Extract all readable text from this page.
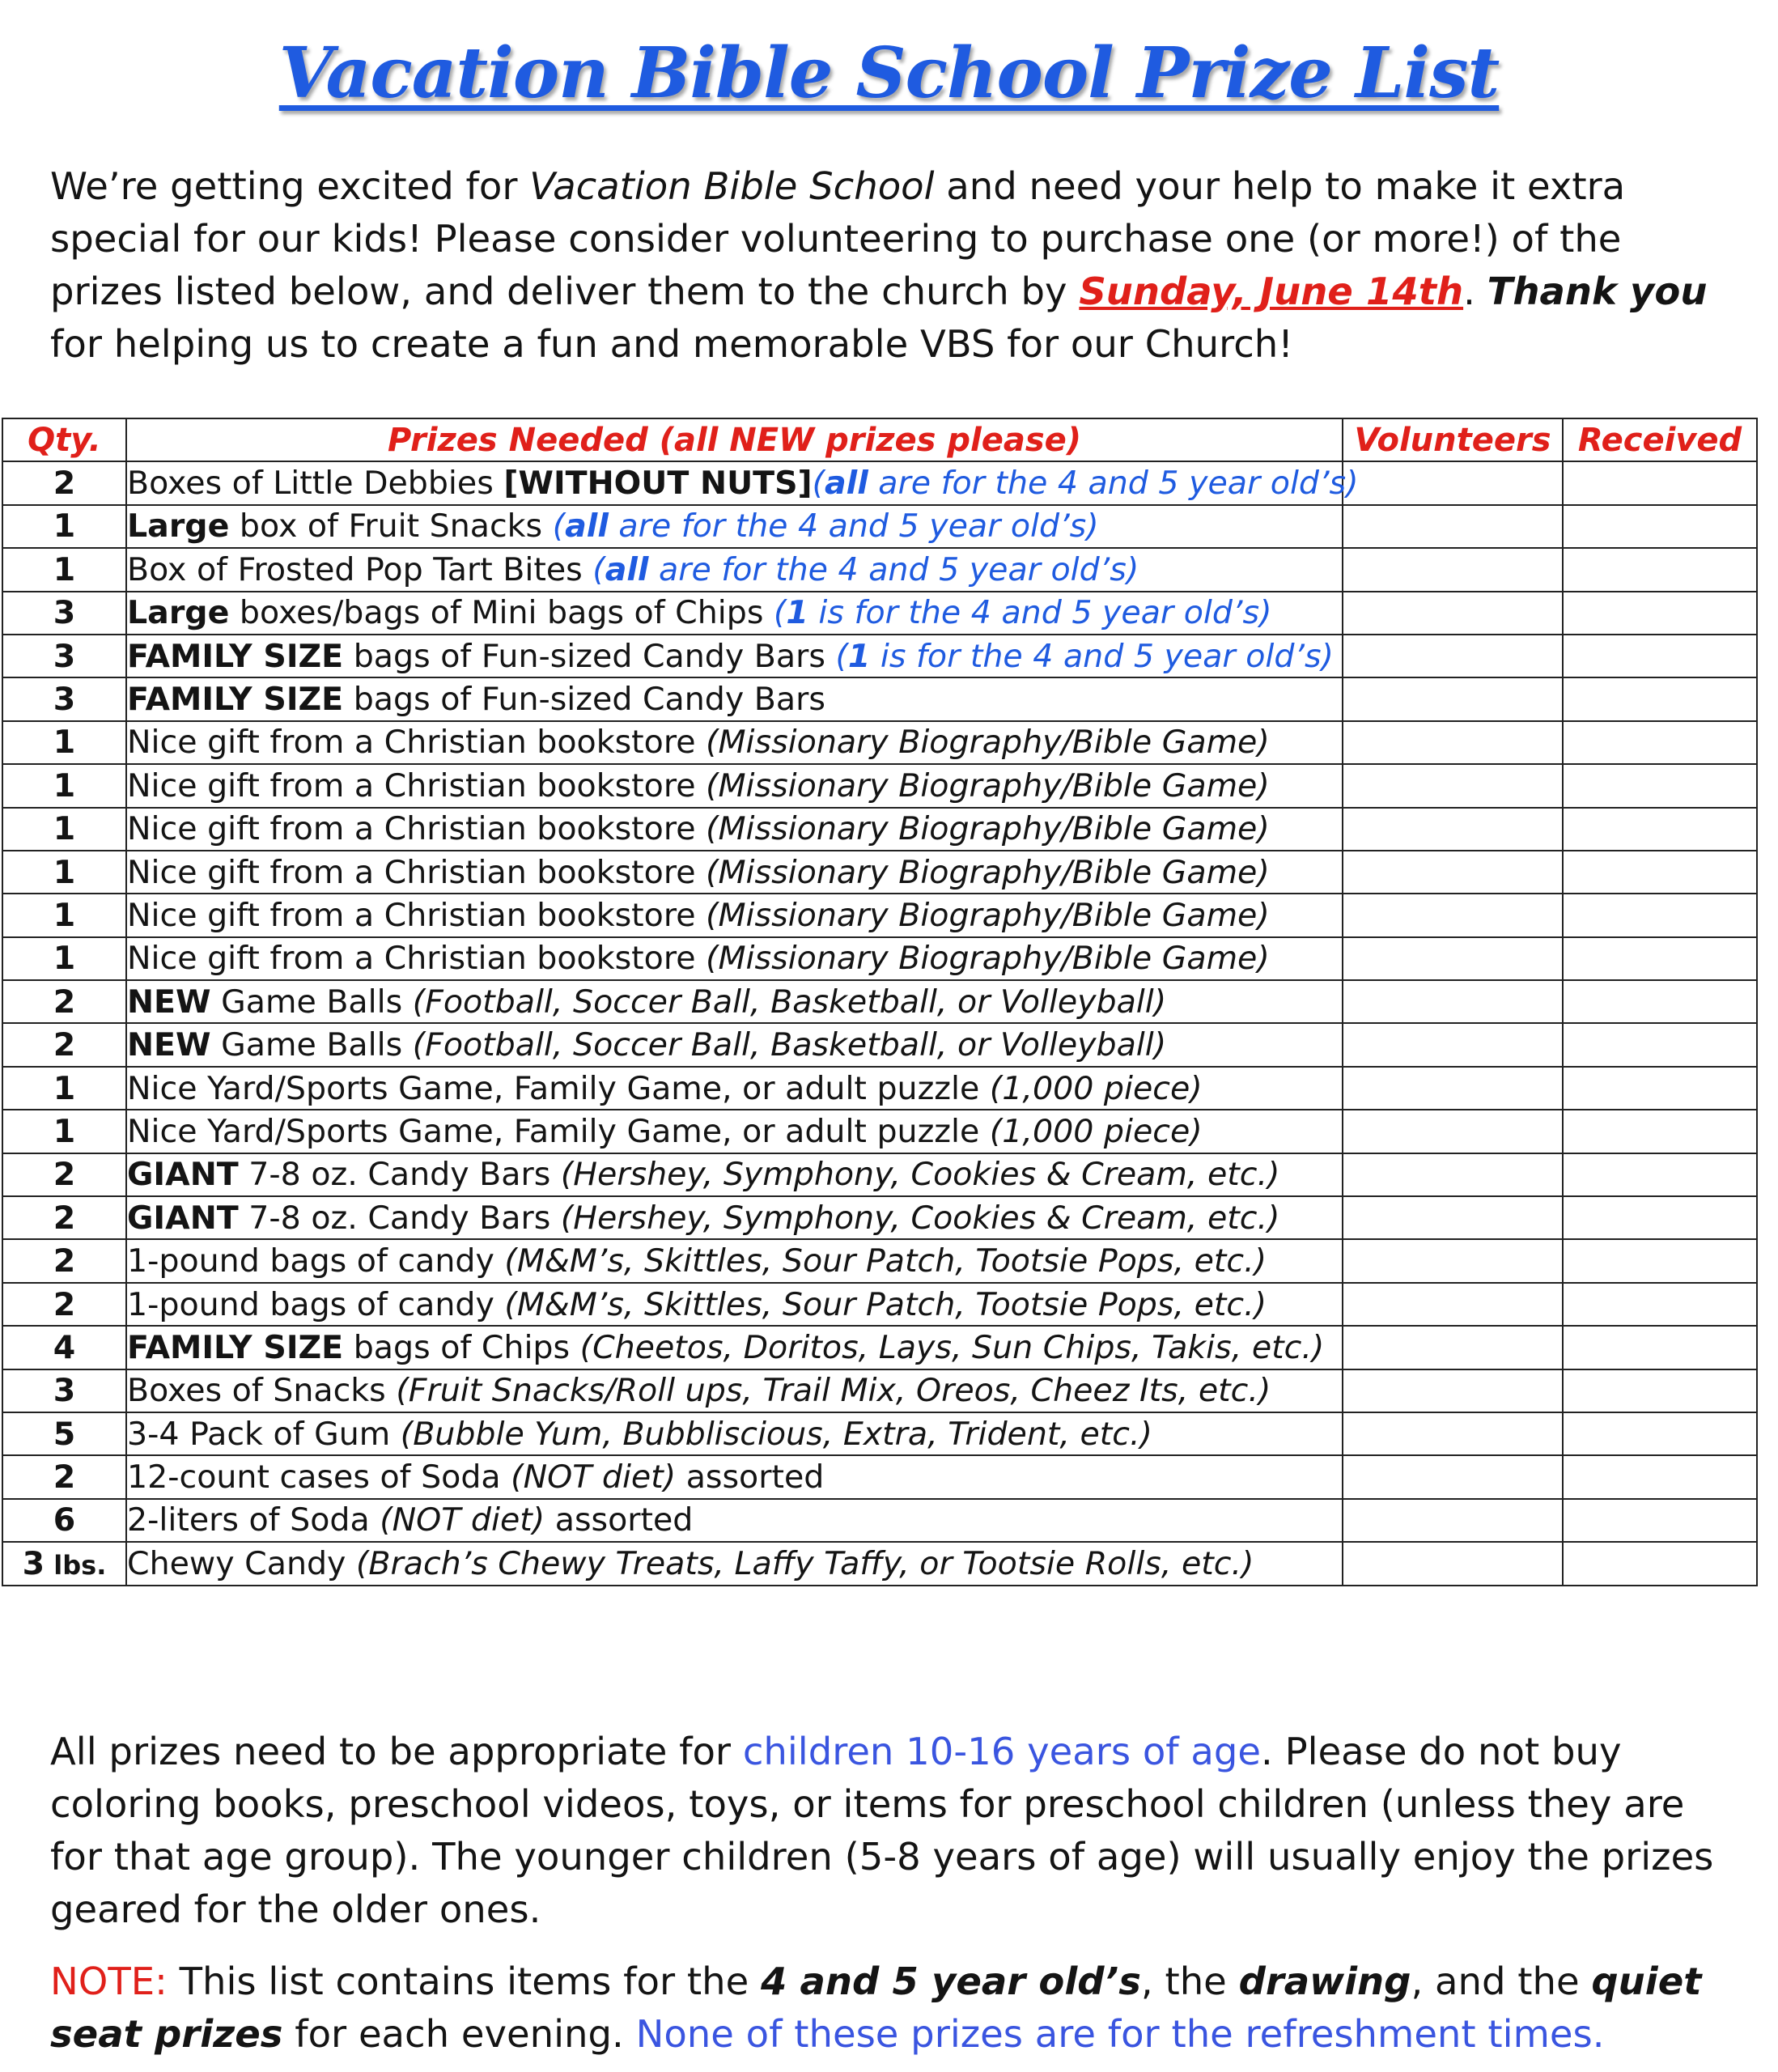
Vacation Bible School Prize List
We’re getting excited for Vacation Bible School and need your help to make it extra special for our kids! Please consider volunteering to purchase one (or more!) of the prizes listed below, and deliver them to the church by Sunday, June 14th. Thank you for helping us to create a fun and memorable VBS for our Church!
Qty.	Prizes Needed (all NEW prizes please)	Volunteers	Received
2	Boxes of Little Debbies [WITHOUT NUTS](all are for the 4 and 5 year old’s)		
1	Large box of Fruit Snacks (all are for the 4 and 5 year old’s)		
1	Box of Frosted Pop Tart Bites (all are for the 4 and 5 year old’s)		
3	Large boxes/bags of Mini bags of Chips (1 is for the 4 and 5 year old’s)		
3	FAMILY SIZE bags of Fun-sized Candy Bars (1 is for the 4 and 5 year old’s)		
3	FAMILY SIZE bags of Fun-sized Candy Bars		
1	Nice gift from a Christian bookstore (Missionary Biography/Bible Game)		
1	Nice gift from a Christian bookstore (Missionary Biography/Bible Game)		
1	Nice gift from a Christian bookstore (Missionary Biography/Bible Game)		
1	Nice gift from a Christian bookstore (Missionary Biography/Bible Game)		
1	Nice gift from a Christian bookstore (Missionary Biography/Bible Game)		
1	Nice gift from a Christian bookstore (Missionary Biography/Bible Game)		
2	NEW Game Balls (Football, Soccer Ball, Basketball, or Volleyball)		
2	NEW Game Balls (Football, Soccer Ball, Basketball, or Volleyball)		
1	Nice Yard/Sports Game, Family Game, or adult puzzle (1,000 piece)		
1	Nice Yard/Sports Game, Family Game, or adult puzzle (1,000 piece)		
2	GIANT 7-8 oz. Candy Bars (Hershey, Symphony, Cookies & Cream, etc.)		
2	GIANT 7-8 oz. Candy Bars (Hershey, Symphony, Cookies & Cream, etc.)		
2	1-pound bags of candy (M&M’s, Skittles, Sour Patch, Tootsie Pops, etc.)		
2	1-pound bags of candy (M&M’s, Skittles, Sour Patch, Tootsie Pops, etc.)		
4	FAMILY SIZE bags of Chips (Cheetos, Doritos, Lays, Sun Chips, Takis, etc.)		
3	Boxes of Snacks (Fruit Snacks/Roll ups, Trail Mix, Oreos, Cheez Its, etc.)		
5	3-4 Pack of Gum (Bubble Yum, Bubbliscious, Extra, Trident, etc.)		
2	12-count cases of Soda (NOT diet) assorted		
6	2-liters of Soda (NOT diet) assorted		
3 lbs.	Chewy Candy (Brach’s Chewy Treats, Laffy Taffy, or Tootsie Rolls, etc.)		
All prizes need to be appropriate for children 10-16 years of age. Please do not buy coloring books, preschool videos, toys, or items for preschool children (unless they are for that age group). The younger children (5-8 years of age) will usually enjoy the prizes geared for the older ones.
NOTE: This list contains items for the 4 and 5 year old’s, the drawing, and the quiet seat prizes for each evening. None of these prizes are for the refreshment times.
